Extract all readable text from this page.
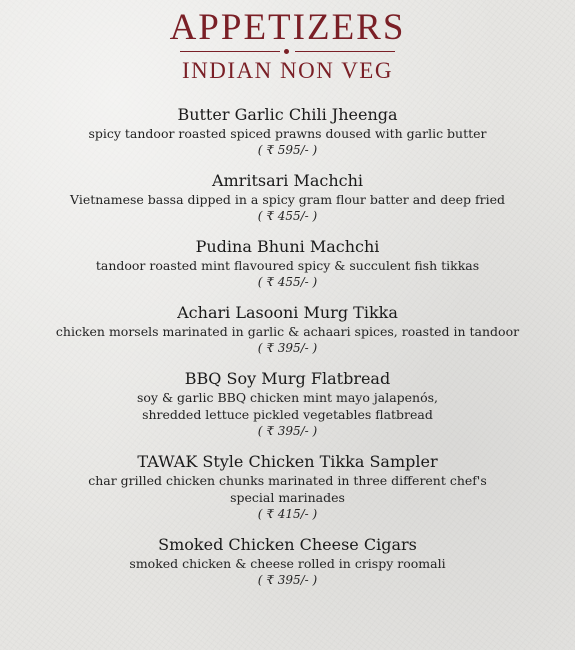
APPETIZERS
INDIAN NON VEG
Butter Garlic Chili Jheenga
spicy tandoor roasted spiced prawns doused with garlic butter
( ₹ 595/- )
Amritsari Machchi
Vietnamese bassa dipped in a spicy gram flour batter and deep fried
( ₹ 455/- )
Pudina Bhuni Machchi
tandoor roasted mint flavoured spicy & succulent fish tikkas
( ₹ 455/- )
Achari Lasooni Murg Tikka
chicken morsels marinated in garlic & achaari spices, roasted in tandoor
( ₹ 395/- )
BBQ Soy Murg Flatbread
soy & garlic BBQ chicken mint mayo jalapenós,
shredded lettuce pickled vegetables flatbread
( ₹ 395/- )
TAWAK Style Chicken Tikka Sampler
char grilled chicken chunks marinated in three different chef's
special marinades
( ₹ 415/- )
Smoked Chicken Cheese Cigars
smoked chicken & cheese rolled in crispy roomali
( ₹ 395/- )
